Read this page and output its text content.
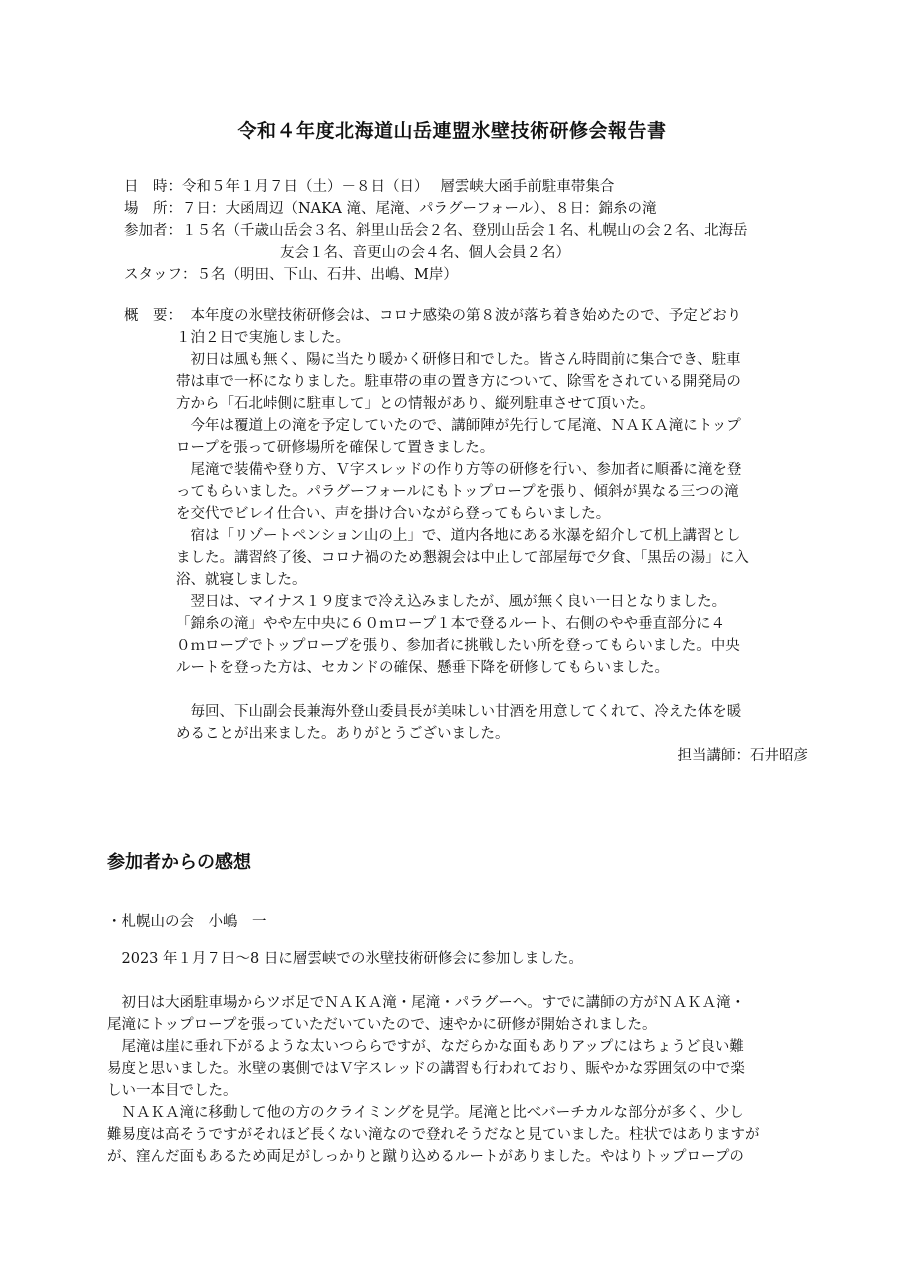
令和４年度北海道山岳連盟氷壁技術研修会報告書
日　時： 令和５年１月７日（土）－８日（日）　 層雲峡大函手前駐車帯集合
場　所： ７日：大函周辺（NAKA 滝、尾滝、パラグーフォール）、８日：錦糸の滝
参加者： １５名（千歳山岳会３名、斜里山岳会２名、登別山岳会１名、札幌山の会２名、北海岳
友会１名、音更山の会４名、個人会員２名）
スタッフ： ５名（明田、下山、石井、出嶋、M岸）
概　要：
　本年度の氷壁技術研修会は、コロナ感染の第８波が落ち着き始めたので、予定どおり
１泊２日で実施しました。
　初日は風も無く、陽に当たり暖かく研修日和でした。皆さん時間前に集合でき、駐車
帯は車で一杯になりました。駐車帯の車の置き方について、除雪をされている開発局の
方から「石北峠側に駐車して」との情報があり、縦列駐車させて頂いた。
　今年は覆道上の滝を予定していたので、講師陣が先行して尾滝、ＮＡＫＡ滝にトップ
ロープを張って研修場所を確保して置きました。
　尾滝で装備や登り方、Ｖ字スレッドの作り方等の研修を行い、参加者に順番に滝を登
ってもらいました。パラグーフォールにもトップロープを張り、傾斜が異なる三つの滝
を交代でビレイ仕合い、声を掛け合いながら登ってもらいました。
　宿は「リゾートペンション山の上」で、道内各地にある氷瀑を紹介して机上講習とし
ました。講習終了後、コロナ禍のため懇親会は中止して部屋毎で夕食、「黒岳の湯」に入
浴、就寝しました。
　翌日は、マイナス１９度まで冷え込みましたが、風が無く良い一日となりました。
「錦糸の滝」やや左中央に６０ｍロープ１本で登るルート、右側のやや垂直部分に４
０ｍロープでトップロープを張り、参加者に挑戦したい所を登ってもらいました。中央
ルートを登った方は、セカンドの確保、懸垂下降を研修してもらいました。
　毎回、下山副会長兼海外登山委員長が美味しい甘酒を用意してくれて、冷えた体を暖
めることが出来ました。ありがとうございました。
担当講師：石井昭彦
参加者からの感想
・札幌山の会　小嶋　一
　2023 年１月７日～8 日に層雲峡での氷壁技術研修会に参加しました。
　初日は大函駐車場からツボ足でＮＡＫＡ滝・尾滝・パラグーへ。すでに講師の方がＮＡＫＡ滝・
尾滝にトップロープを張っていただいていたので、速やかに研修が開始されました。
　尾滝は崖に垂れ下がるような太いつららですが、なだらかな面もありアップにはちょうど良い難
易度と思いました。氷壁の裏側ではＶ字スレッドの講習も行われており、賑やかな雰囲気の中で楽
しい一本目でした。
　ＮＡＫＡ滝に移動して他の方のクライミングを見学。尾滝と比べバーチカルな部分が多く、少し
難易度は高そうですがそれほど長くない滝なので登れそうだなと見ていました。柱状ではありますが
が、窪んだ面もあるため両足がしっかりと蹴り込めるルートがありました。やはりトップロープの
